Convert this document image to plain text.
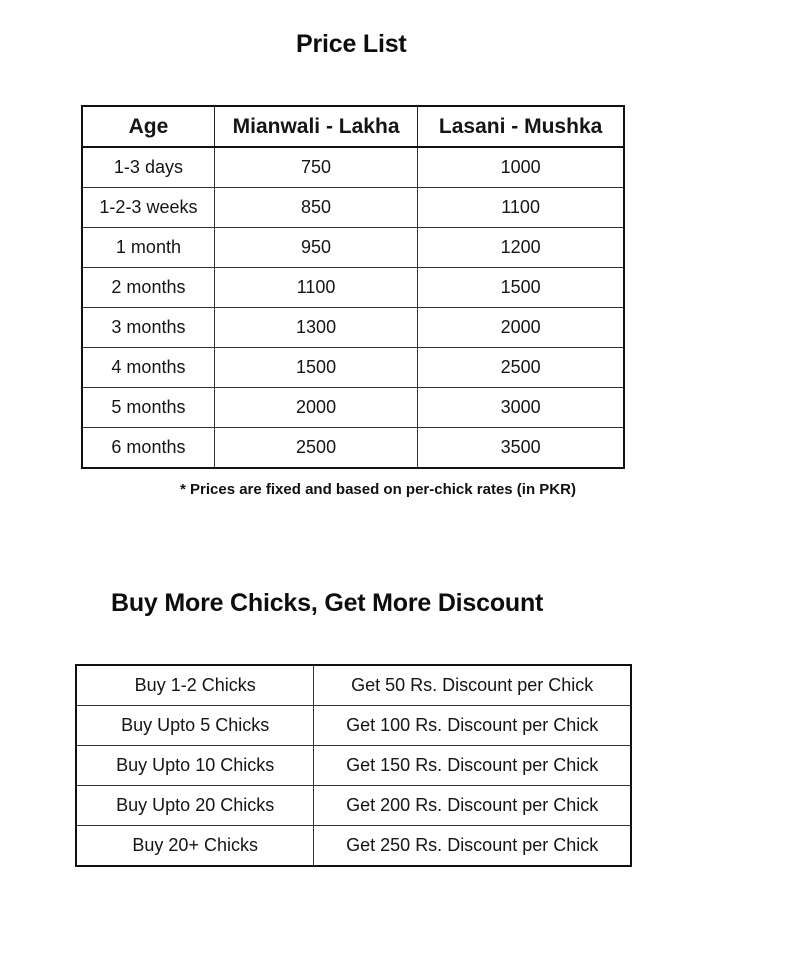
Price List
Age	Mianwali - Lakha	Lasani - Mushka
1-3 days	750	1000
1-2-3 weeks	850	1100
1 month	950	1200
2 months	1100	1500
3 months	1300	2000
4 months	1500	2500
5 months	2000	3000
6 months	2500	3500
* Prices are fixed and based on per-chick rates (in PKR)
Buy More Chicks, Get More Discount
Buy 1-2 Chicks	Get 50 Rs. Discount per Chick
Buy Upto 5 Chicks	Get 100 Rs. Discount per Chick
Buy Upto 10 Chicks	Get 150 Rs. Discount per Chick
Buy Upto 20 Chicks	Get 200 Rs. Discount per Chick
Buy 20+ Chicks	Get 250 Rs. Discount per Chick
